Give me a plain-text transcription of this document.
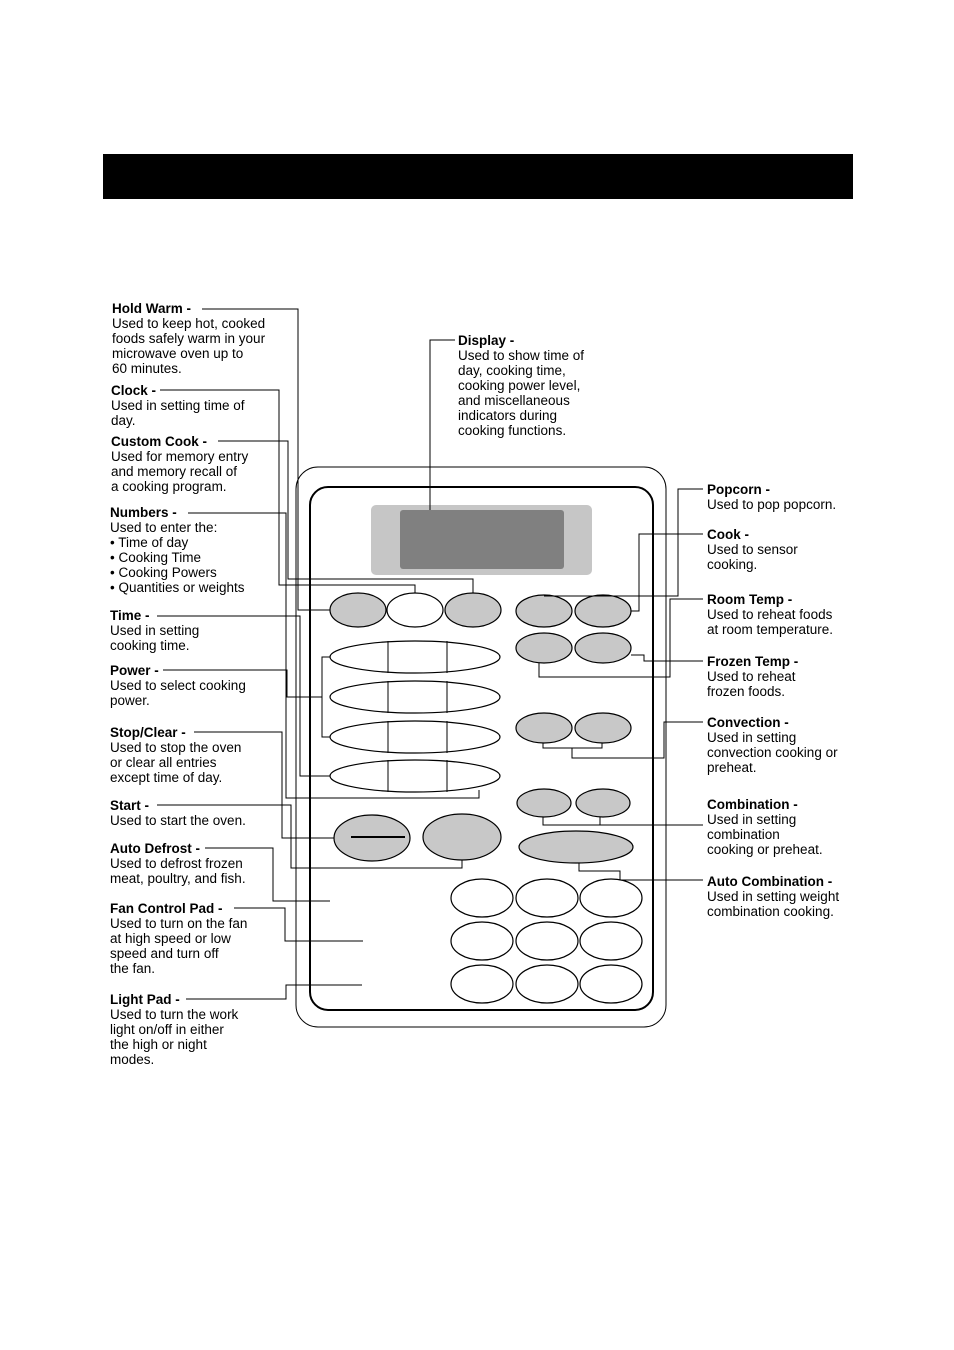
Hold Warm -
Used to keep hot, cooked
foods safely warm in your
microwave oven up to
60 minutes.
Clock -
Used in setting time of
day.
Custom Cook -
Used for memory entry
and memory recall of
a cooking program.
Numbers -
Used to enter the:
• Time of day
• Cooking Time
• Cooking Powers
• Quantities or weights
Time -
Used in setting
cooking time.
Power -
Used to select cooking
power.
Stop/Clear -
Used to stop the oven
or clear all entries
except time of day.
Start -
Used to start the oven.
Auto Defrost -
Used to defrost frozen
meat, poultry, and fish.
Fan Control Pad -
Used to turn on the fan
at high speed or low
speed and turn off
the fan.
Light Pad -
Used to turn the work
light on/off in either
the high or night
modes.
Display -
Used to show time of
day, cooking time,
cooking power level,
and miscellaneous
indicators during
cooking functions.
Popcorn -
Used to pop popcorn.
Cook -
Used to sensor
cooking.
Room Temp -
Used to reheat foods
at room temperature.
Frozen Temp -
Used to reheat
frozen foods.
Convection -
Used in setting
convection cooking or
preheat.
Combination -
Used in setting
combination
cooking or preheat.
Auto Combination -
Used in setting weight
combination cooking.
